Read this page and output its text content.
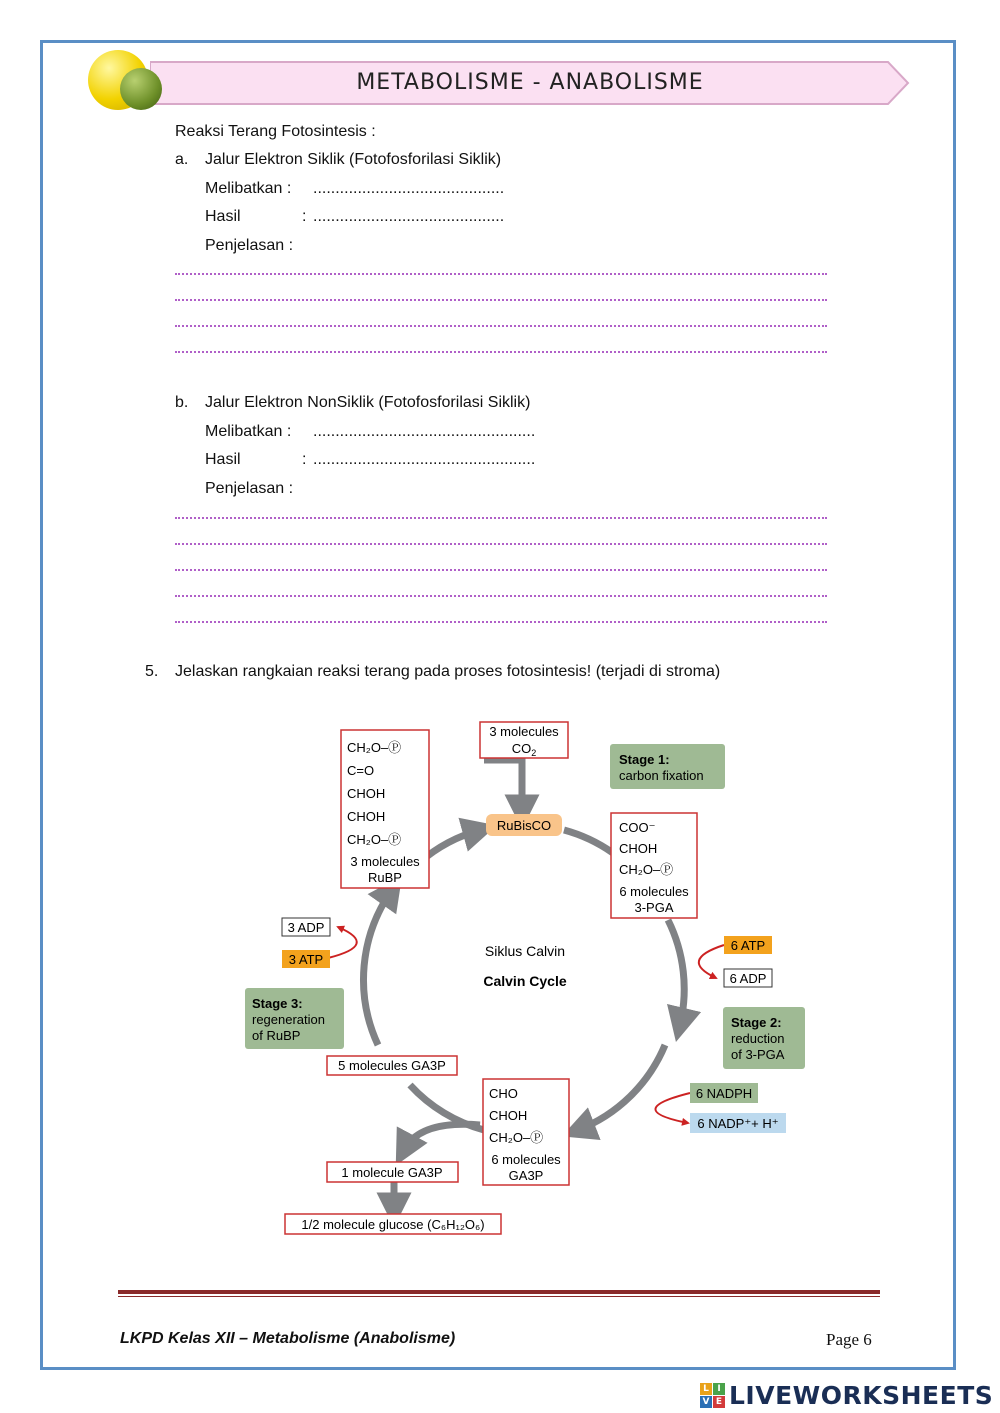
METABOLISME - ANABOLISME
Reaksi Terang Fotosintesis :
a. Jalur Elektron Siklik (Fotofosforilasi Siklik)
Melibatkan : ...........................................
Hasil	: ...........................................
Penjelasan :
b. Jalur Elektron NonSiklik (Fotofosforilasi Siklik)
Melibatkan : ..................................................
Hasil	: ..................................................
Penjelasan :
5. Jelaskan rangkaian reaksi terang pada proses fotosintesis! (terjadi di stroma)
3 molecules
$CO_2$
RuBisCO
Stage 1:
carbon fixation
CH₂O–Ⓟ
C=O
CHOH
CHOH
CH₂O–Ⓟ
3 molecules
RuBP
COO⁻
CHOH
CH₂O–Ⓟ
6 molecules
3-PGA
6 ATP
6 ADP
Stage 2:
reduction
of 3-PGA
6 NADPH
6 NADP⁺+ H⁺
CHO
CHOH
CH₂O–Ⓟ
6 molecules
GA3P
3 ADP
3 ATP
Stage 3:
regeneration
of RuBP
5 molecules GA3P
1 molecule GA3P
1/2 molecule glucose (C₆H₁₂O₆)
Siklus Calvin
Calvin Cycle
LKPD Kelas XII – Metabolisme (Anabolisme)	Page 6
L I
V E LIVEWORKSHEETS
